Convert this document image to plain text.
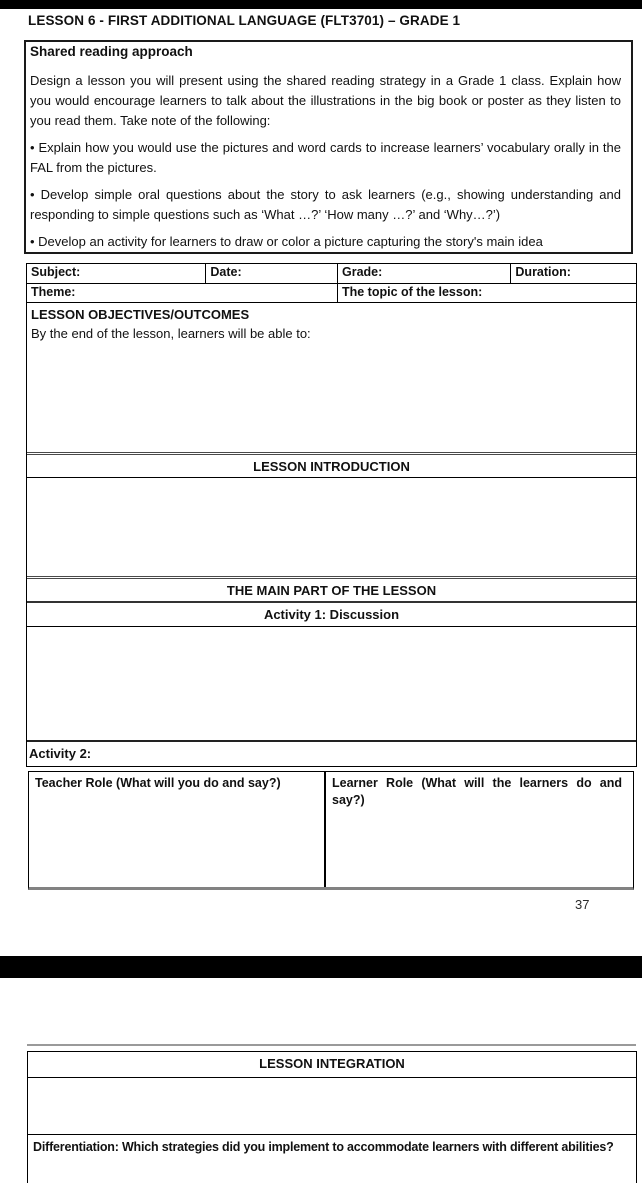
LESSON 6 - FIRST ADDITIONAL LANGUAGE (FLT3701) – GRADE 1
Shared reading approach

Design a lesson you will present using the shared reading strategy in a Grade 1 class. Explain how you would encourage learners to talk about the illustrations in the big book or poster as they listen to you read them. Take note of the following:

• Explain how you would use the pictures and word cards to increase learners’ vocabulary orally in the FAL from the pictures.

• Develop simple oral questions about the story to ask learners (e.g., showing understanding and responding to simple questions such as ‘What …?’ ‘How many …?’ and ‘Why…?’)

• Develop an activity for learners to draw or color a picture capturing the story's main idea

Subject:	Date:	Grade:	Duration:
Theme:	The topic of the lesson:
LESSON OBJECTIVES/OUTCOMES
By the end of the lesson, learners will be able to:
LESSON INTRODUCTION
THE MAIN PART OF THE LESSON
Activity 1: Discussion
Activity 2:
Teacher Role (What will you do and say?)	Learner Role (What will the learners do and say?)
37
LESSON INTEGRATION
Differentiation: Which strategies did you implement to accommodate learners with different abilities?
